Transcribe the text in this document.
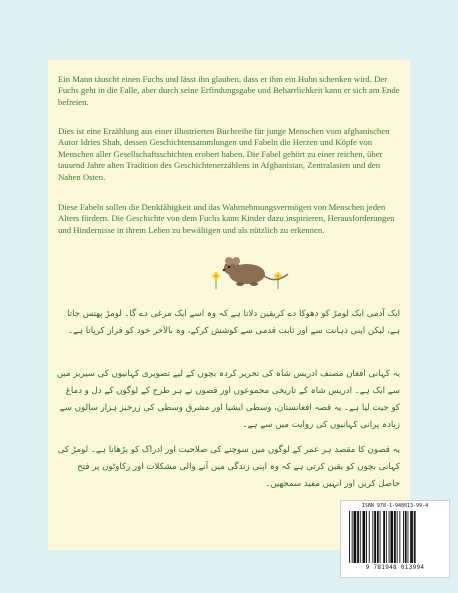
Ein Mann täuscht einen Fuchs und lässt ihn glauben, dass er ihm ein Huhn schenken wird. Der Fuchs geht in die Falle, aber durch seine Erfindungsgabe und Beharrlichkeit kann er sich am Ende befreien.

Dies ist eine Erzählung aus einer illustrierten Buchreihe für junge Menschen vom afghanischen Autor Idries Shah, dessen Geschichtensammlungen und Fabeln die Herzen und Köpfe von Menschen aller Gesellschaftsschichten erobert haben. Die Fabel gehört zu einer reichen, über tausend Jahre alten Tradition des Geschichtenerzählens in Afghanistan, Zentralasien und den Nahen Osten.

Diese Fabeln sollen die Denkfähigkeit und das Wahrnehmungsvermögen von Menschen jeden Alters fördern. Die Geschichte von dem Fuchs kann Kinder dazu inspirieren, Herausforderungen und Hindernisse in ihrem Leben zu bewältigen und als nützlich zu erkennen.

ایک آدمی ایک لومڑ کو دھوکا دے کریقین دلاتا ہے کہ وہ اسے ایک مرغی دے گا۔ لومڑ پھنس جاتا ہے، لیکن اپنی ذہانت سے اور ثابت قدمی سے کوشش کرکے، وہ بالآخر خود کو فرار کرپاتا ہے۔

یہ کہانی افغان مصنف ادریس شاہ کی تحریر کردہ بچوں کے لیے تصویری کہانیوں کی سیریز میں سے ایک ہے۔ ادریس شاہ کے تاریخی مجموعوں اور قصوں نے ہر طرح کے لوگوں کے دل و دماغ کو جیت لیا ہے۔ یہ قصہ افغانستان، وسطی ایشیا اور مشرق وسطی کی زرخیز ہزار سالوں سے زیادہ پرانی کہانیوں کی روایت میں سے ہے۔

یہ قصوں کا مقصد ہر عمر کے لوگوں میں سوچنے کی صلاحیت اور ادراک کو بڑھانا ہے۔ لومڑ کی کہانی بچوں کو یقین کرتی ہے کہ وہ اپنی زندگی میں آنے والی مشکلات اور رکاوٹوں پر فتح حاصل کریں اور انہیں مفید سمجھیں۔

ISBN 978-1-948013-99-4
9 781948 013994
